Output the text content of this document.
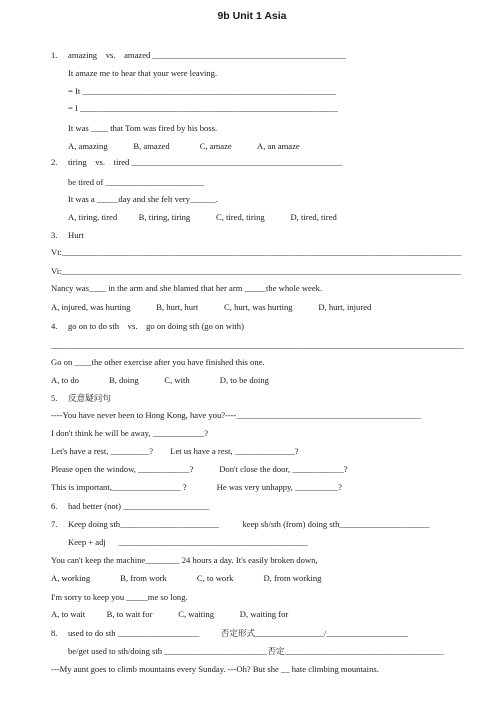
9b Unit 1 Asia
1. amazing    vs.    amazed _____________________________________________
It amaze me to hear that your were leaving.
= It ___________________________________________________________
= I ____________________________________________________________
It was ____ that Tom was fired by his boss.
A, amazing            B, amazed              C, amaze            A, an amaze
2. tiring    vs.    tired _________________________________________________
be tired of _______________________
It was a _____day and she felt very______.
A, tiring, tired          B, tiring, tiring            C, tired, tiring            D, tired, tired
3. Hurt
Vt:_____________________________________________________________________________________________
Vi:_____________________________________________________________________________________________
Nancy was____ in the arm and she blamed that her arm _____the whole week.
A, injured, was hurting            B, hurt, hurt            C, hurt, was hurting            D, hurt, injured
4. go on to do sth    vs.    go on doing sth (go on with)
________________________________________________________________________________________________
Go on ____the other exercise after you have finished this one.
A, to do              B, doing            C, with              D, to be doing
5. 反意疑问句
----You have never been to Hong Kong, have you?----___________________________________________
I don't think he will be away, ____________?
Let's have a rest, _________?        Let us have a rest, ______________?
Please open the window, ____________?            Don't close the door, ____________?
This is important,________________ ?              He was very unhappy, __________?
6. had better (not) ____________________
7. Keep doing sth_______________________           keep sb/sth (from) doing sth_____________________
Keep + adj      ____________________________________________
You can't keep the machine________ 24 hours a day. It's easily broken down,
A, working              B, from work              C, to work              D, from working
I'm sorry to keep you _____me so long.
A, to wait          B, to wait for            C, waiting            D, waiting for
8. used to do sth ___________________          否定形式________________/___________________
be/get used to sth/doing sth ________________________否定_____________________________________
---My aunt goes to climb mountains every Sunday. ---Oh? But she __ hate climbing mountains.
